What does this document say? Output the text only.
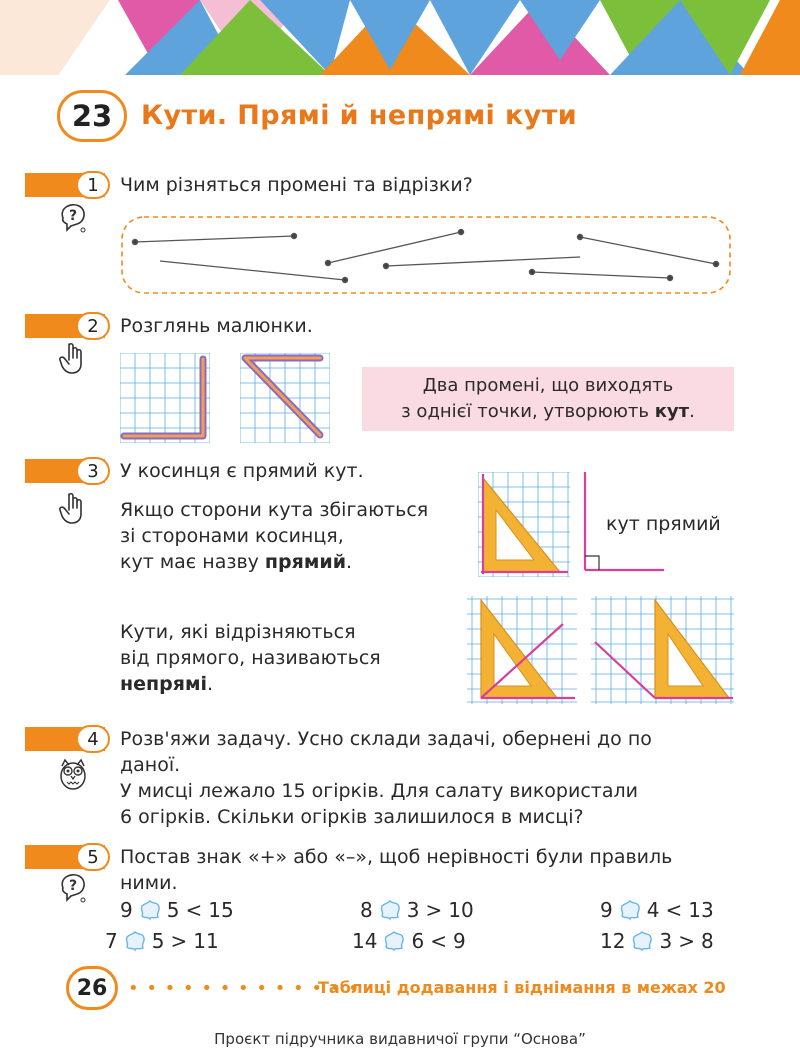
23 Кути. Прямі й непрямі кути
1	Чим різняться промені та відрізки?
?
2	Розглянь малюнки.
Два промені, що виходять
з однієї точки, утворюють кут.
3	У косинця є прямий кут.
Якщо сторони кута збігаються
зі сторонами косинця,
кут має назву прямий.
Кути, які відрізняються
від прямого, називаються
непрямі.
кут прямий
4	Розв'яжи задачу. Усно склади задачі, обернені до по
даної.
У мисці лежало 15 огірків. Для салату використали
6 огірків. Скільки огірків залишилося в мисці?
5
?
Постав знак «+» або «–», щоб нерівності були правиль
ними.
9 5 < 15	8 3 > 10	9 4 < 13
7 5 > 11	14 6 < 9	12 3 > 8
26 • • • • • • • • • • • • •
Таблиці додавання і віднімання в межах 20
Проєкт підручника видавничої групи “Основа”
